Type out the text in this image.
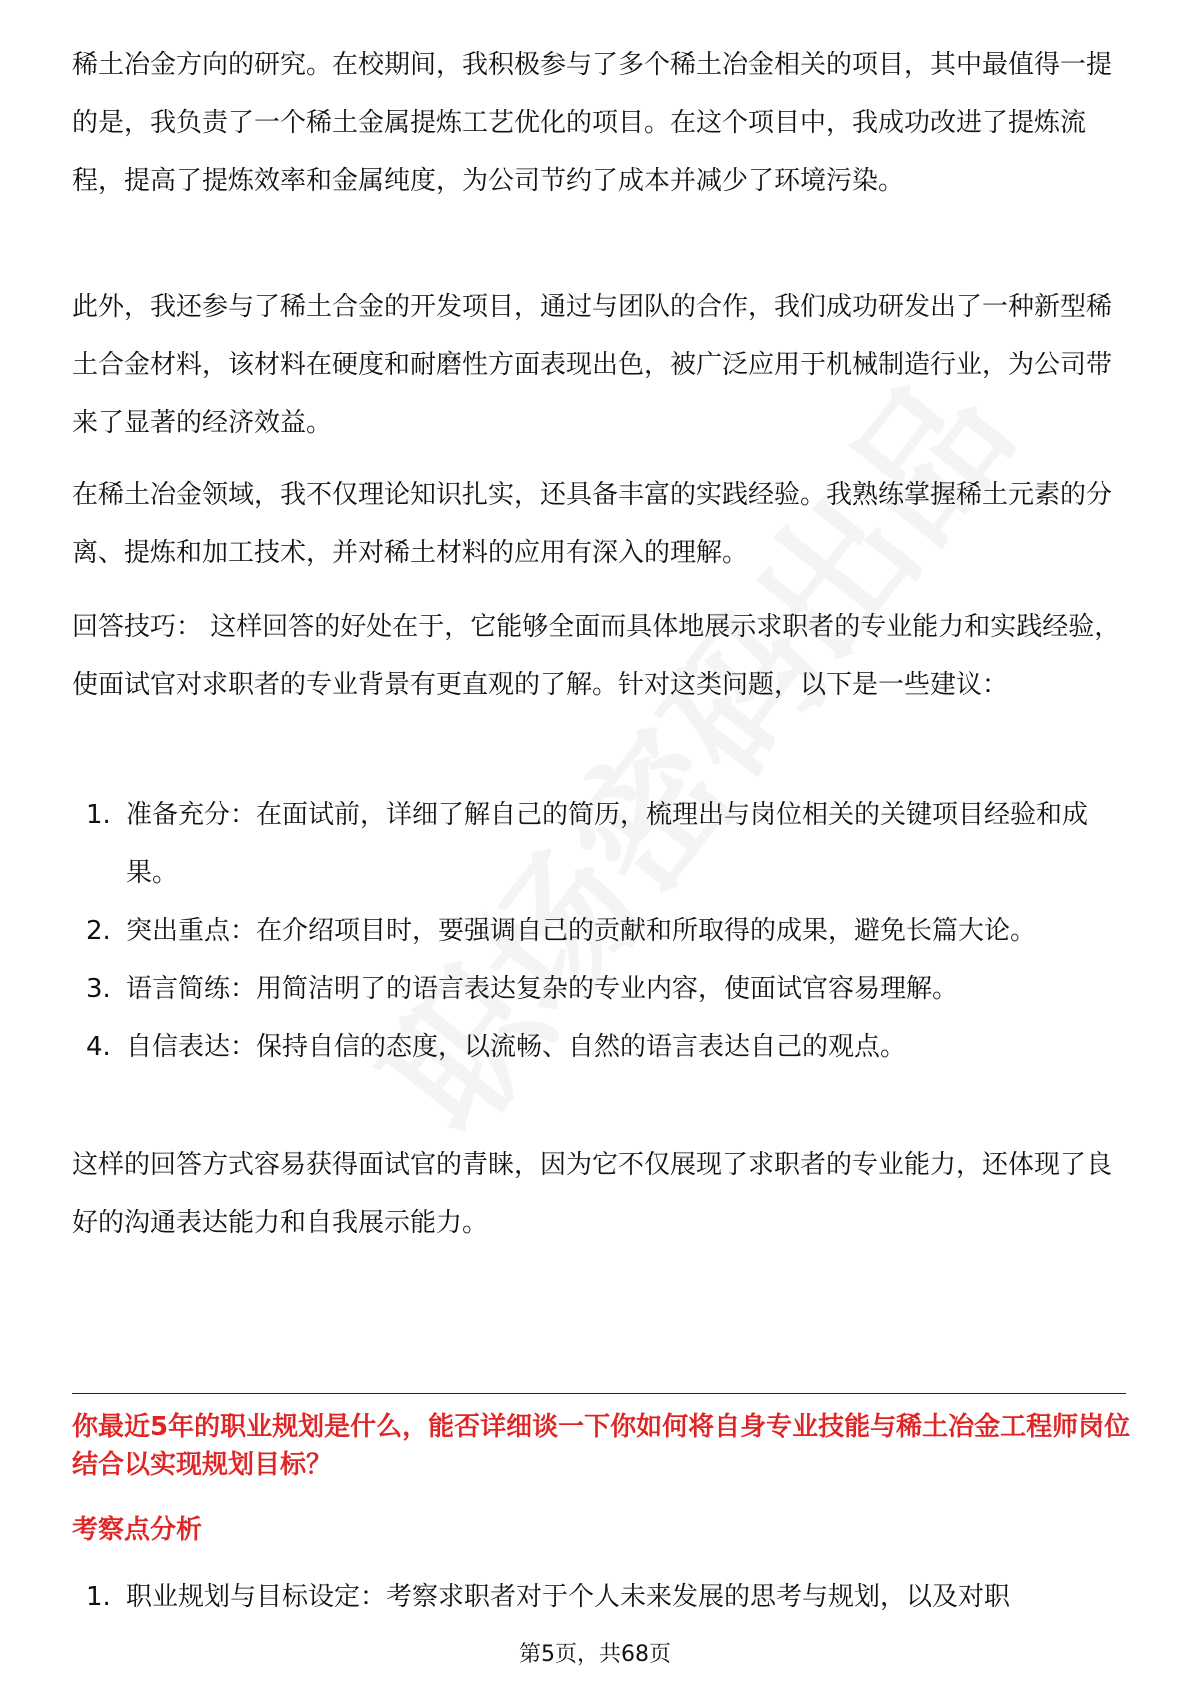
稀土冶金方向的研究。在校期间，我积极参与了多个稀土冶金相关的项目，其中最值得一提的是，我负责了一个稀土金属提炼工艺优化的项目。在这个项目中，我成功改进了提炼流程，提高了提炼效率和金属纯度，为公司节约了成本并减少了环境污染。

此外，我还参与了稀土合金的开发项目，通过与团队的合作，我们成功研发出了一种新型稀土合金材料，该材料在硬度和耐磨性方面表现出色，被广泛应用于机械制造行业，为公司带来了显著的经济效益。

在稀土冶金领域，我不仅理论知识扎实，还具备丰富的实践经验。我熟练掌握稀土元素的分离、提炼和加工技术，并对稀土材料的应用有深入的理解。

回答技巧： 这样回答的好处在于，它能够全面而具体地展示求职者的专业能力和实践经验，使面试官对求职者的专业背景有更直观的了解。针对这类问题，以下是一些建议：

1. 准备充分：在面试前，详细了解自己的简历，梳理出与岗位相关的关键项目经验和成果。
2. 突出重点：在介绍项目时，要强调自己的贡献和所取得的成果，避免长篇大论。
3. 语言简练：用简洁明了的语言表达复杂的专业内容，使面试官容易理解。
4. 自信表达：保持自信的态度，以流畅、自然的语言表达自己的观点。

这样的回答方式容易获得面试官的青睐，因为它不仅展现了求职者的专业能力，还体现了良好的沟通表达能力和自我展示能力。

你最近5年的职业规划是什么，能否详细谈一下你如何将自身专业技能与稀土冶金工程师岗位结合以实现规划目标？

考察点分析

1. 职业规划与目标设定：考察求职者对于个人未来发展的思考与规划，以及对职
第5页，共68页
